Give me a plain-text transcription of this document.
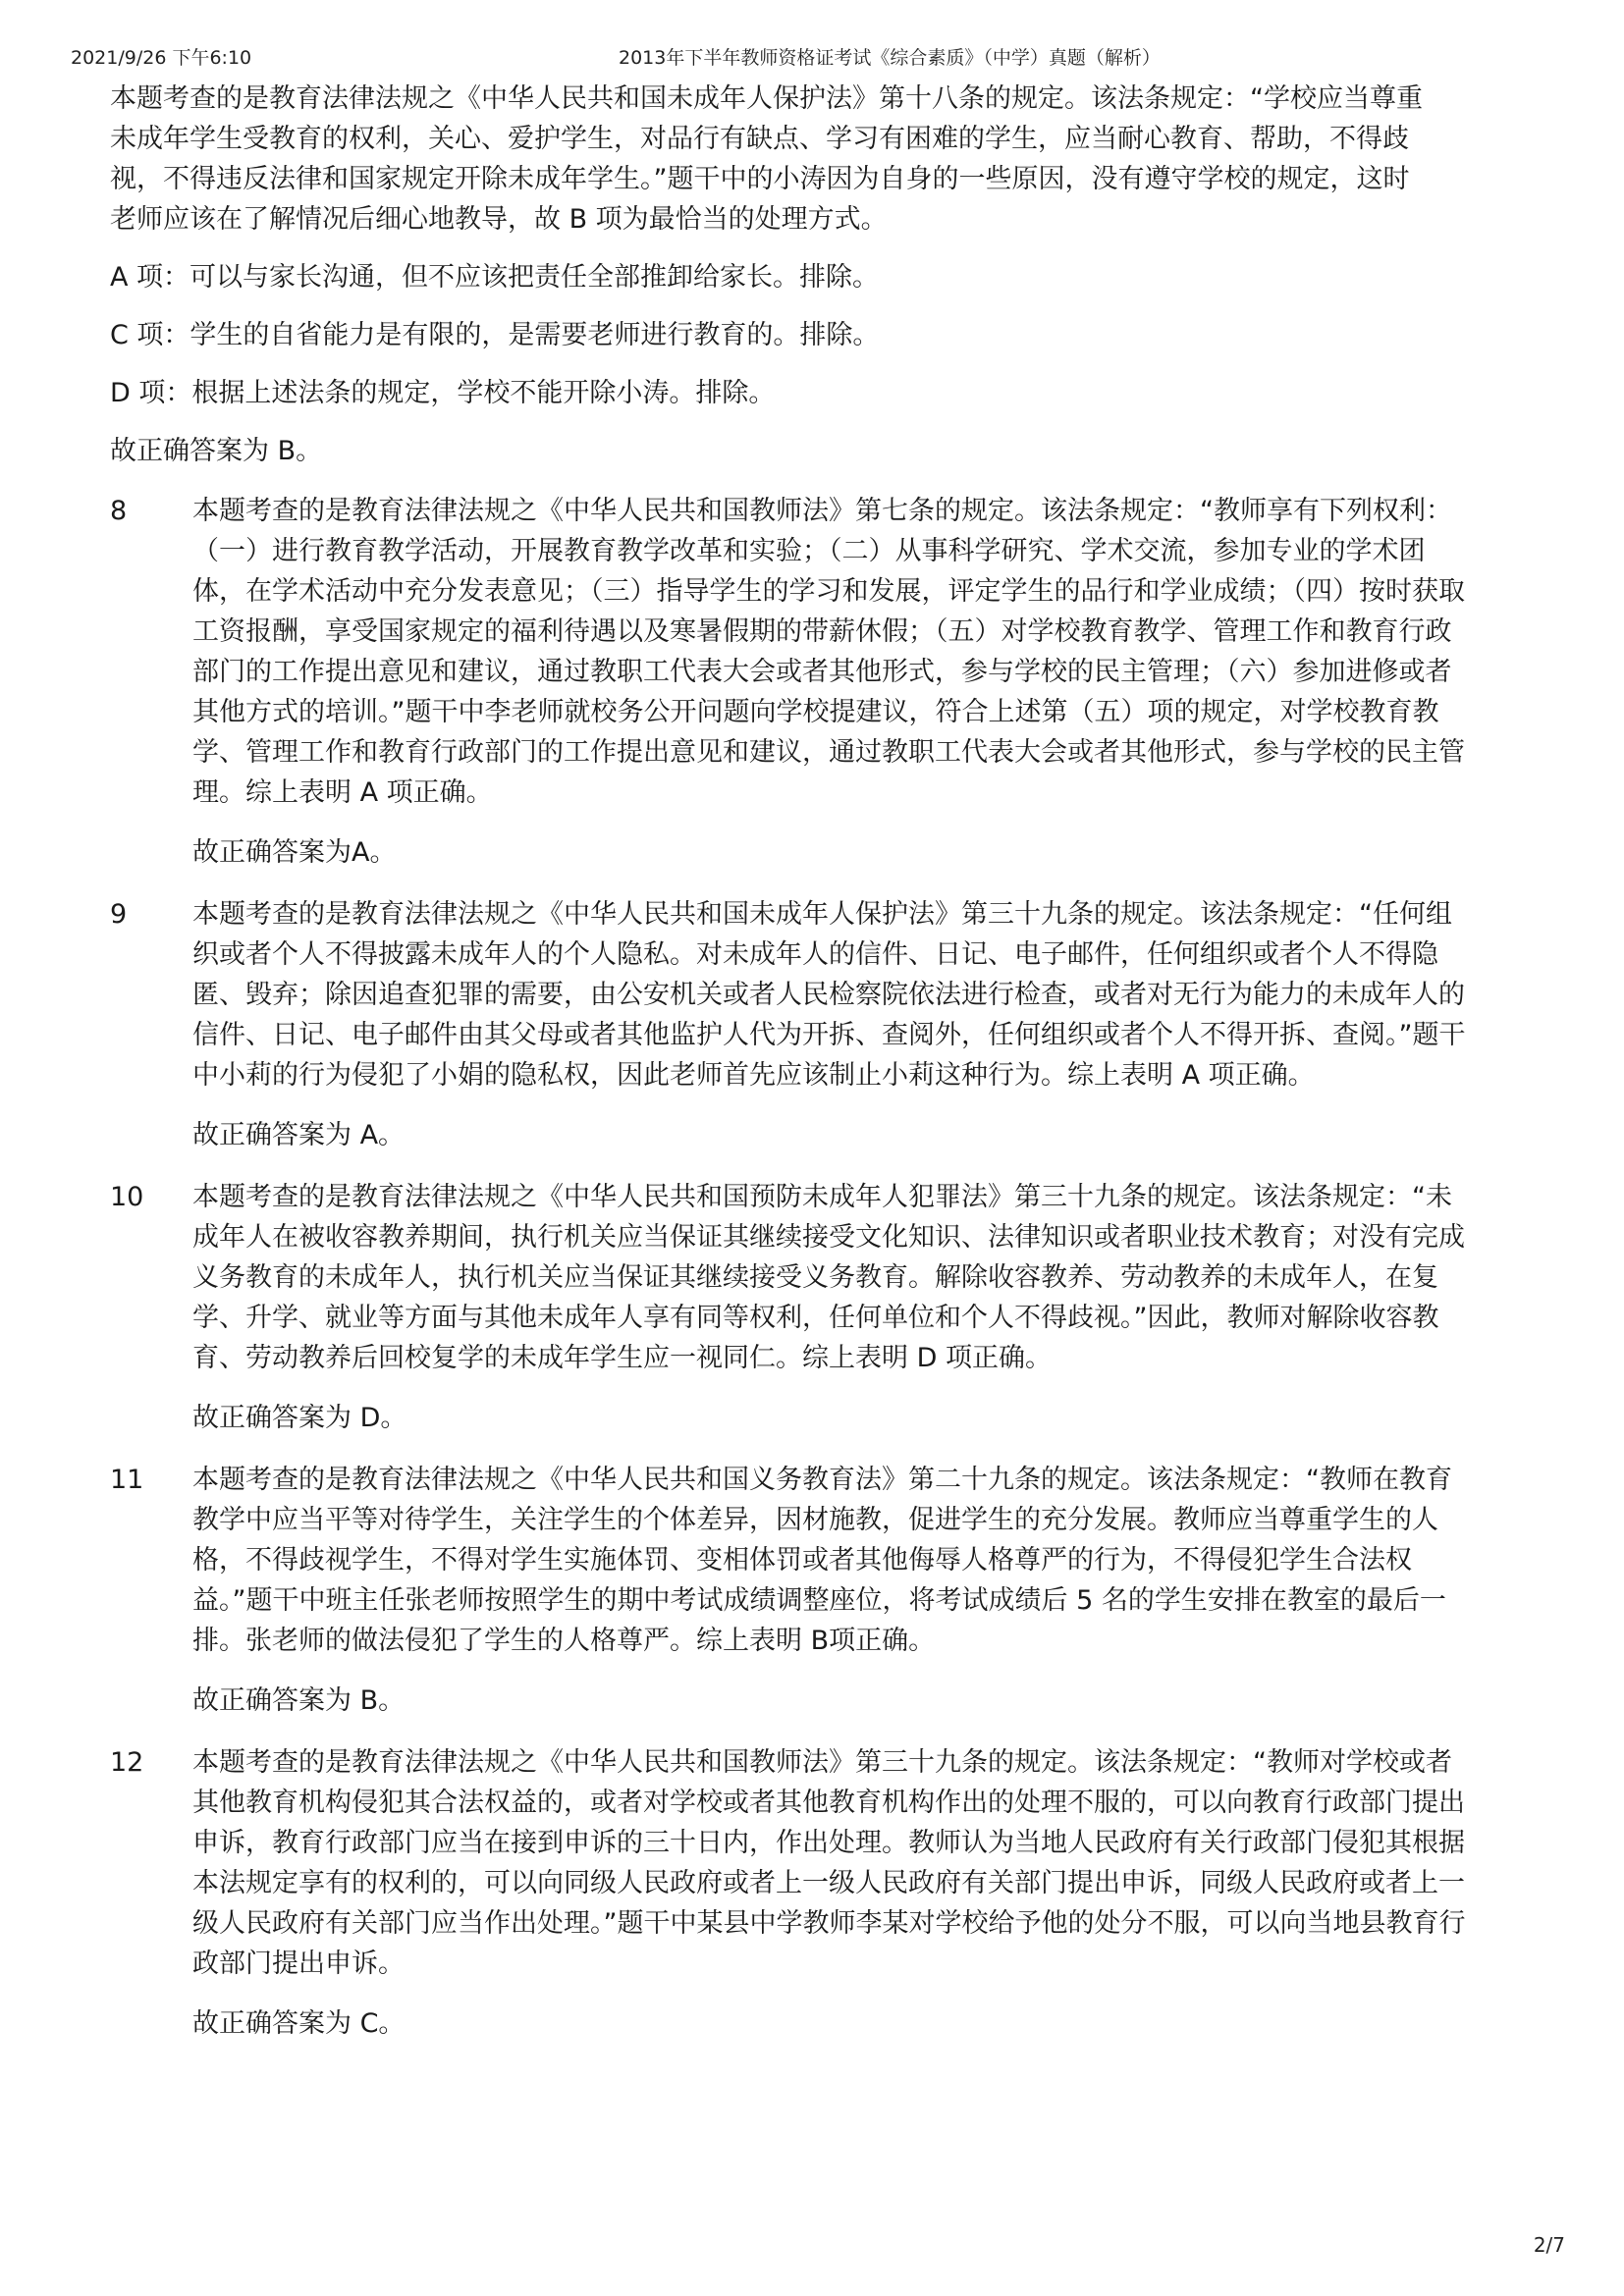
2021/9/26 下午6:10	2013年下半年教师资格证考试《综合素质》（中学）真题（解析）

本题考查的是教育法律法规之《中华人民共和国未成年人保护法》第十八条的规定。该法条规定：“学校应当尊重未成年学生受教育的权利，关心、爱护学生，对品行有缺点、学习有困难的学生，应当耐心教育、帮助，不得歧视，不得违反法律和国家规定开除未成年学生。”题干中的小涛因为自身的一些原因，没有遵守学校的规定，这时老师应该在了解情况后细心地教导，故 B 项为最恰当的处理方式。

A 项：可以与家长沟通，但不应该把责任全部推卸给家长。排除。

C 项：学生的自省能力是有限的，是需要老师进行教育的。排除。

D 项：根据上述法条的规定，学校不能开除小涛。排除。

故正确答案为 B。

8	本题考查的是教育法律法规之《中华人民共和国教师法》第七条的规定。该法条规定：“教师享有下列权利：（一）进行教育教学活动，开展教育教学改革和实验；（二）从事科学研究、学术交流，参加专业的学术团体，在学术活动中充分发表意见；（三）指导学生的学习和发展，评定学生的品行和学业成绩；（四）按时获取工资报酬，享受国家规定的福利待遇以及寒暑假期的带薪休假；（五）对学校教育教学、管理工作和教育行政部门的工作提出意见和建议，通过教职工代表大会或者其他形式，参与学校的民主管理；（六）参加进修或者其他方式的培训。”题干中李老师就校务公开问题向学校提建议，符合上述第（五）项的规定，对学校教育教学、管理工作和教育行政部门的工作提出意见和建议，通过教职工代表大会或者其他形式，参与学校的民主管理。综上表明 A 项正确。
故正确答案为A。
9	本题考查的是教育法律法规之《中华人民共和国未成年人保护法》第三十九条的规定。该法条规定：“任何组织或者个人不得披露未成年人的个人隐私。对未成年人的信件、日记、电子邮件，任何组织或者个人不得隐匿、毁弃；除因追查犯罪的需要，由公安机关或者人民检察院依法进行检查，或者对无行为能力的未成年人的信件、日记、电子邮件由其父母或者其他监护人代为开拆、查阅外，任何组织或者个人不得开拆、查阅。”题干中小莉的行为侵犯了小娟的隐私权，因此老师首先应该制止小莉这种行为。综上表明 A 项正确。
故正确答案为 A。
10	本题考查的是教育法律法规之《中华人民共和国预防未成年人犯罪法》第三十九条的规定。该法条规定：“未成年人在被收容教养期间，执行机关应当保证其继续接受文化知识、法律知识或者职业技术教育；对没有完成义务教育的未成年人，执行机关应当保证其继续接受义务教育。解除收容教养、劳动教养的未成年人，在复学、升学、就业等方面与其他未成年人享有同等权利，任何单位和个人不得歧视。”因此，教师对解除收容教育、劳动教养后回校复学的未成年学生应一视同仁。综上表明 D 项正确。
故正确答案为 D。
11	本题考查的是教育法律法规之《中华人民共和国义务教育法》第二十九条的规定。该法条规定：“教师在教育教学中应当平等对待学生，关注学生的个体差异，因材施教，促进学生的充分发展。教师应当尊重学生的人格，不得歧视学生，不得对学生实施体罚、变相体罚或者其他侮辱人格尊严的行为，不得侵犯学生合法权益。”题干中班主任张老师按照学生的期中考试成绩调整座位，将考试成绩后 5 名的学生安排在教室的最后一排。张老师的做法侵犯了学生的人格尊严。综上表明 B项正确。
故正确答案为 B。
12	本题考查的是教育法律法规之《中华人民共和国教师法》第三十九条的规定。该法条规定：“教师对学校或者其他教育机构侵犯其合法权益的，或者对学校或者其他教育机构作出的处理不服的，可以向教育行政部门提出申诉，教育行政部门应当在接到申诉的三十日内，作出处理。教师认为当地人民政府有关行政部门侵犯其根据本法规定享有的权利的，可以向同级人民政府或者上一级人民政府有关部门提出申诉，同级人民政府或者上一级人民政府有关部门应当作出处理。”题干中某县中学教师李某对学校给予他的处分不服，可以向当地县教育行政部门提出申诉。
故正确答案为 C。
2/7
